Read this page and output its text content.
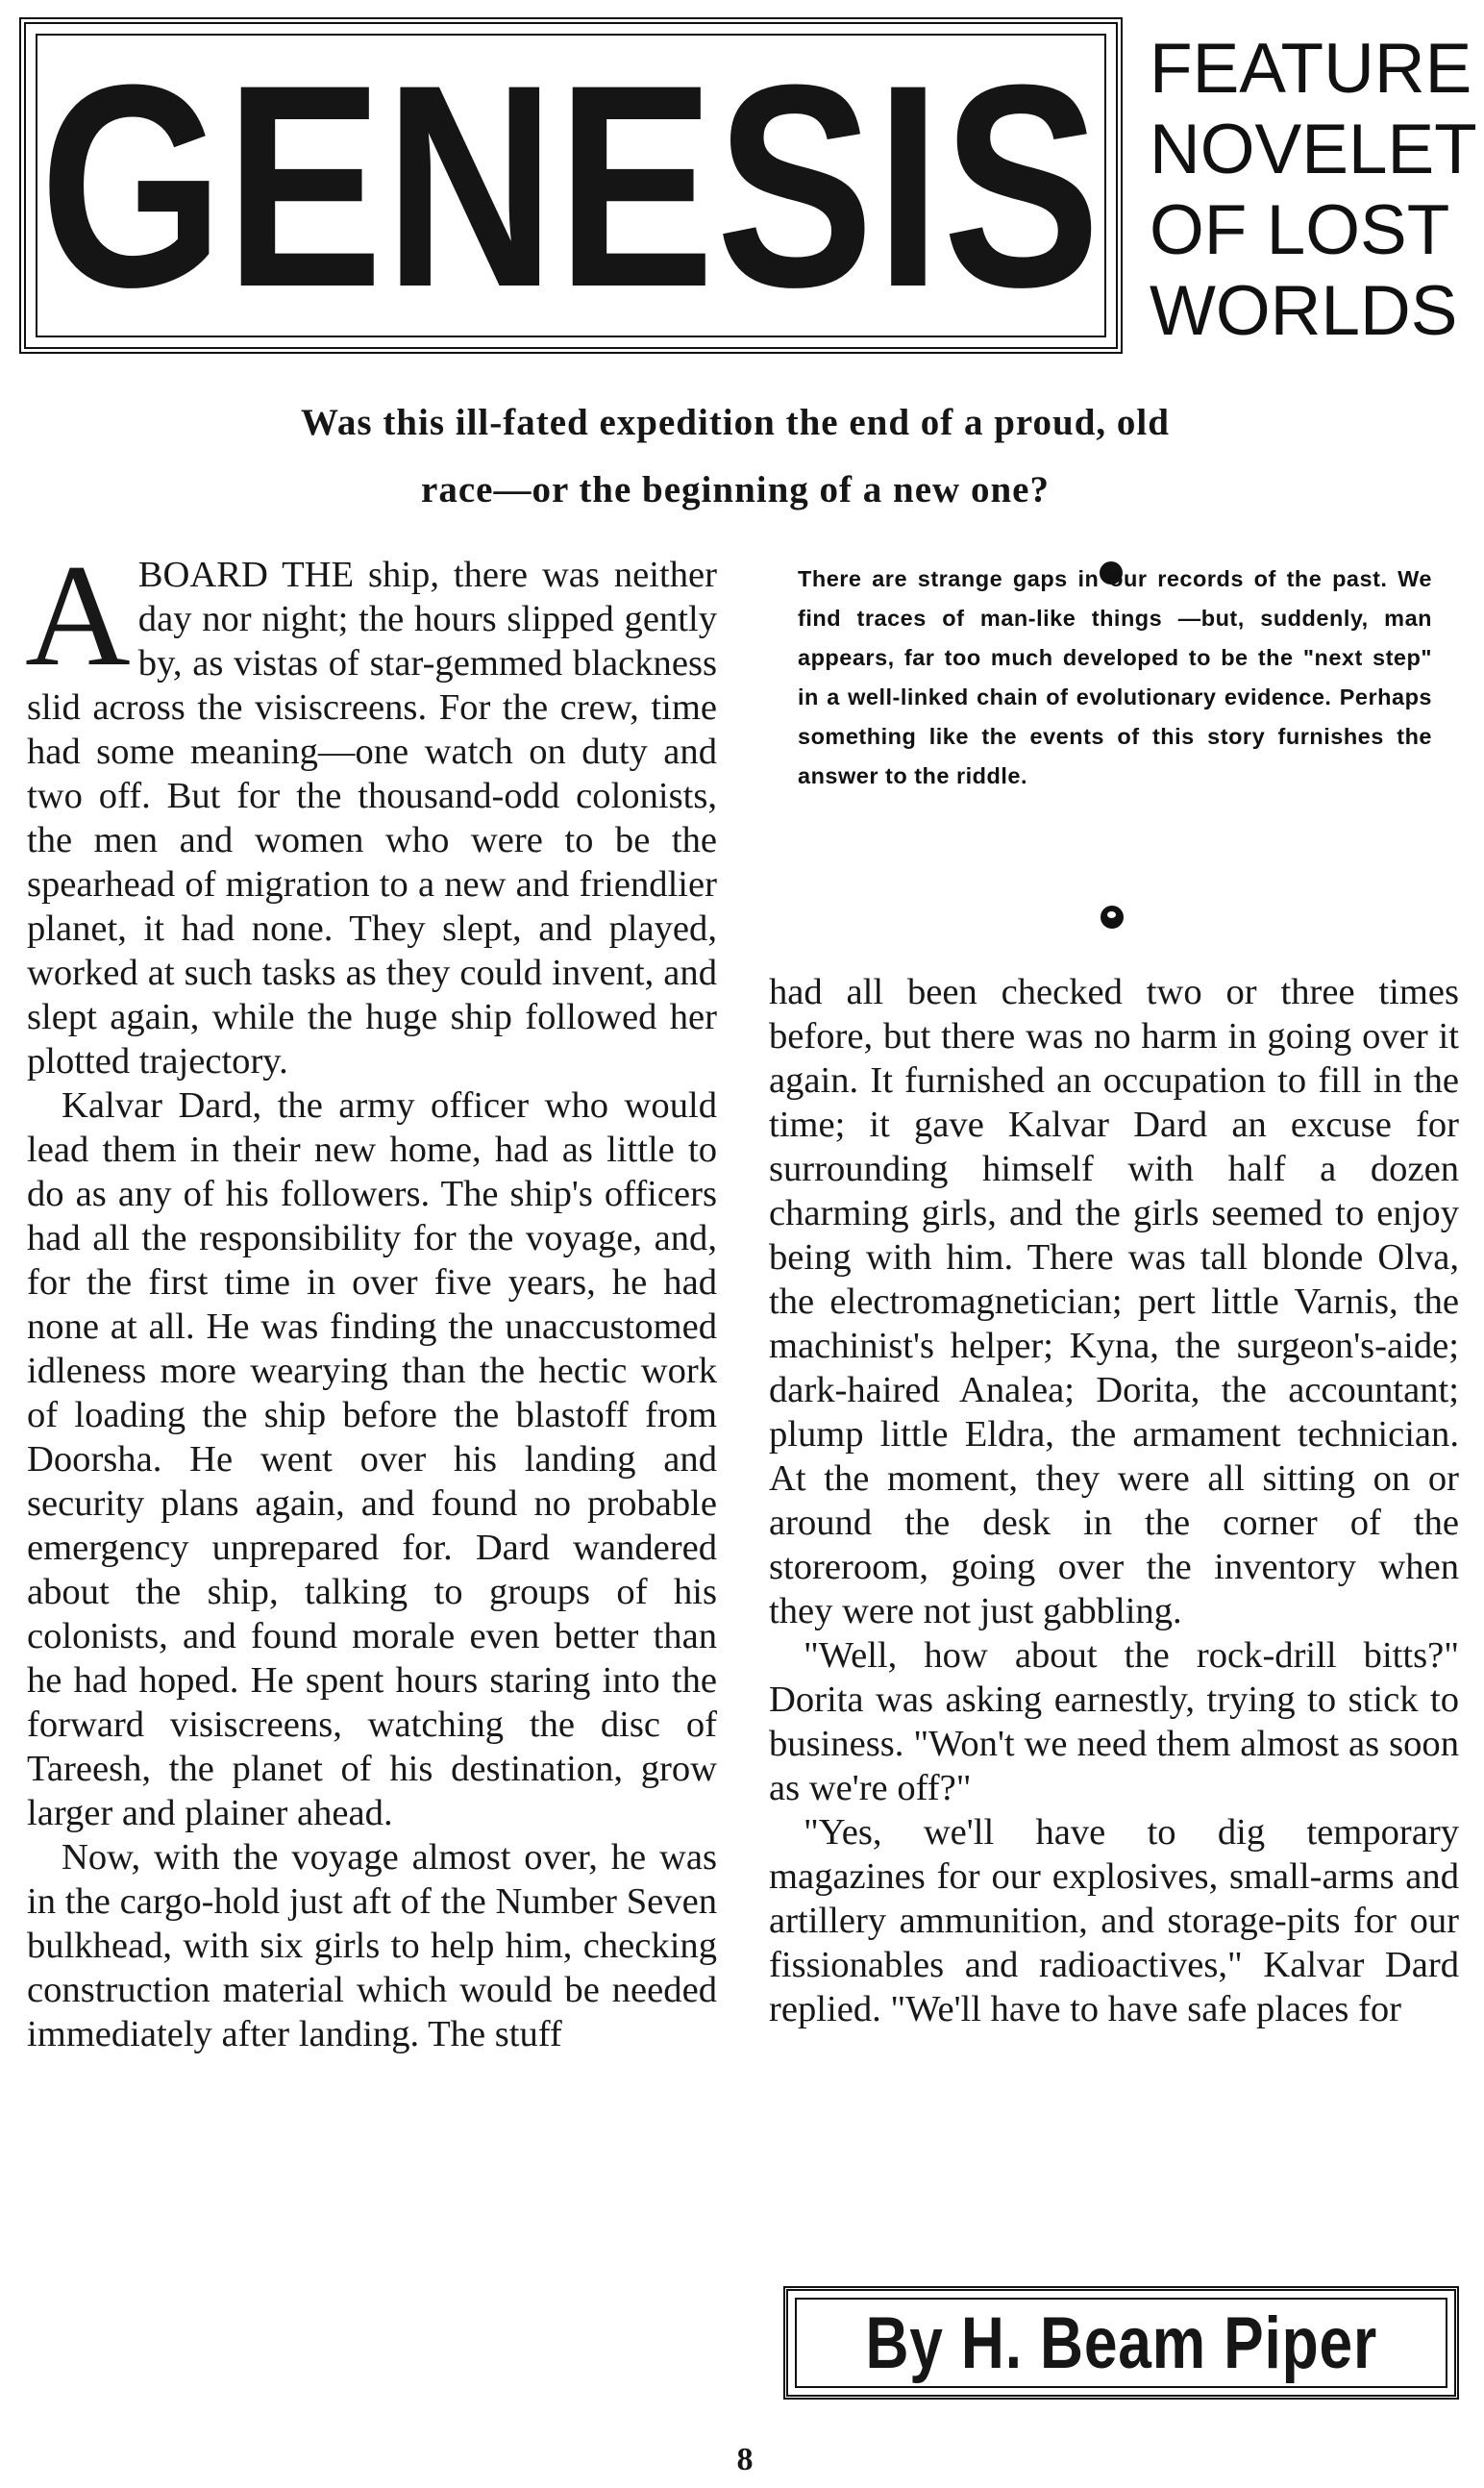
GENESIS FEATURE
NOVELET
OF LOST
WORLDS
Was this ill-fated expedition the end of a proud, old
race—or the beginning of a new one?

ABOARD THE ship, there was neither day nor night; the hours slipped gently by, as vistas of star-gemmed blackness slid across the visiscreens. For the crew, time had some meaning—one watch on duty and two off. But for the thousand-odd colonists, the men and women who were to be the spearhead of migration to a new and friendlier planet, it had none. They slept, and played, worked at such tasks as they could invent, and slept again, while the huge ship followed her plotted trajectory.

Kalvar Dard, the army officer who would lead them in their new home, had as little to do as any of his followers. The ship's officers had all the responsibility for the voyage, and, for the first time in over five years, he had none at all. He was finding the unaccustomed idleness more wearying than the hectic work of loading the ship before the blastoff from Doorsha. He went over his landing and security plans again, and found no probable emergency unprepared for. Dard wandered about the ship, talking to groups of his colonists, and found morale even better than he had hoped. He spent hours staring into the forward visiscreens, watching the disc of Tareesh, the planet of his destination, grow larger and plainer ahead.

Now, with the voyage almost over, he was in the cargo-hold just aft of the Number Seven bulkhead, with six girls to help him, checking construction material which would be needed immediately after landing. The stuff

There are strange gaps in our records of the past. We find traces of man-like things —but, suddenly, man appears, far too much developed to be the "next step" in a well-linked chain of evolutionary evidence. Perhaps something like the events of this story furnishes the answer to the riddle.

had all been checked two or three times before, but there was no harm in going over it again. It furnished an occupation to fill in the time; it gave Kalvar Dard an excuse for surrounding himself with half a dozen charming girls, and the girls seemed to enjoy being with him. There was tall blonde Olva, the electromagnetician; pert little Varnis, the machinist's helper; Kyna, the surgeon's-aide; dark-haired Analea; Dorita, the accountant; plump little Eldra, the armament technician. At the moment, they were all sitting on or around the desk in the corner of the storeroom, going over the inventory when they were not just gabbling.

"Well, how about the rock-drill bitts?" Dorita was asking earnestly, trying to stick to business. "Won't we need them almost as soon as we're off?"

"Yes, we'll have to dig temporary magazines for our explosives, small-arms and artillery ammunition, and storage-pits for our fissionables and radioactives," Kalvar Dard replied. "We'll have to have safe places for

By H. Beam Piper
8
